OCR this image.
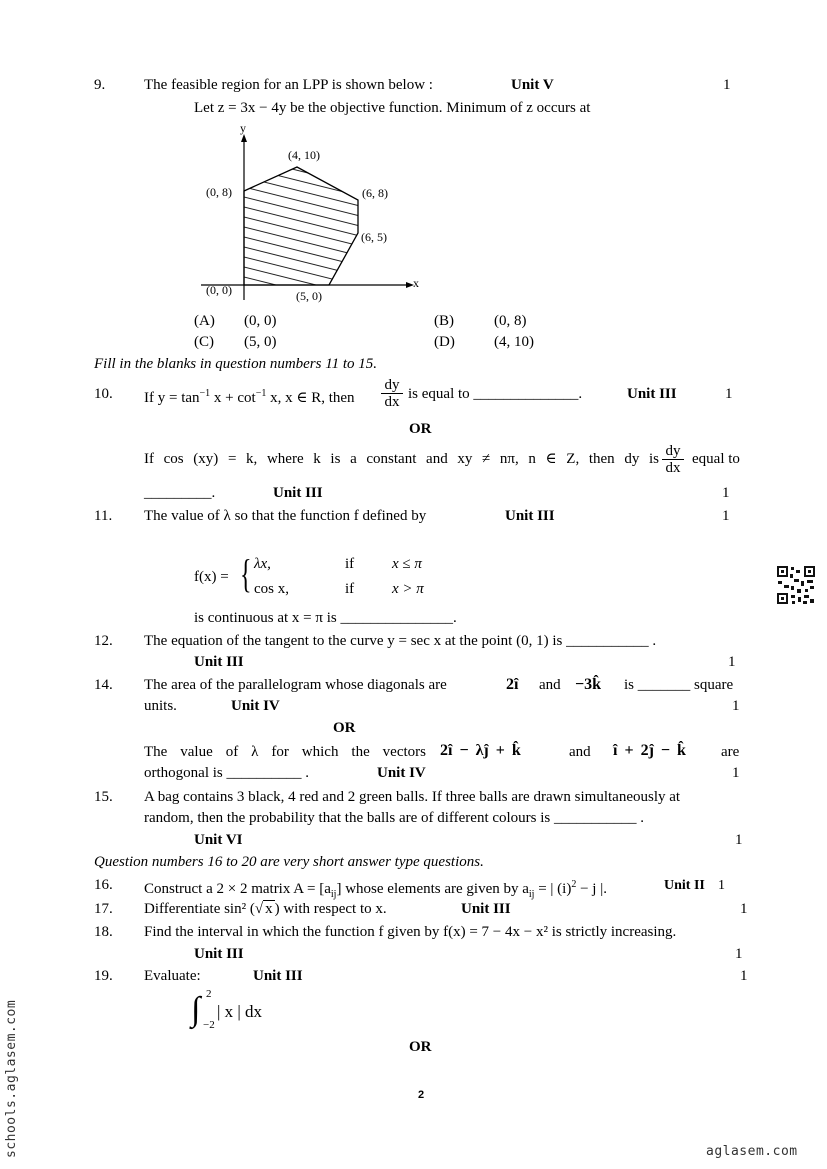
9.	The feasible region for an LPP is shown below :	Unit V	1
Let z = 3x − 4y be the objective function. Minimum of z occurs at
y
x
(4, 10)
(0, 8)	(6, 8)
(6, 5)
(0, 0)	(5, 0)
(A) (0, 0)	(B)	(0, 8)
(C) (5, 0)	(D)	(4, 10)
Fill in the blanks in question numbers 11 to 15.
10. If $y = \tan^{-1} x + \cot^{-1} x$, x ∈ R, then $\frac{dy}{dx}$ is equal to ______________.	Unit III	1
OR
If cos (xy) = k, where k is a constant and xy ≠ nπ, n ∈ Z, then dy is $\frac{dy}{dx}$ equal to
_________.	Unit III	1
11. The value of λ so that the function f defined by	Unit III	1
f(x) = { λx,	if	x ≤ π
cos x,	if	x > π
is continuous at x = π is _______________.
12. The equation of the tangent to the curve y = sec x at the point (0, 1) is ___________ .
Unit III	1
14. The area of the parallelogram whose diagonals are	2î and −3k̂ is _______ square
units.	Unit IV	1
OR
The value of λ for which the vectors 2î − λĵ + k̂	and î + 2ĵ − k̂ are
orthogonal is __________ .	Unit IV	1
15. A bag contains 3 black, 4 red and 2 green balls. If three balls are drawn simultaneously at
random, then the probability that the balls are of different colours is ___________ .
Unit VI	1
Question numbers 16 to 20 are very short answer type questions.
16. Construct a 2 × 2 matrix $A = [a_{ij}]$ whose elements are given by $a_{ij}$ = | $(i)^2 - j$ |.	Unit II 1
17. Differentiate sin² (√ x ) with respect to x.	Unit III	1
18. Find the interval in which the function f given by f(x) = 7 − 4x − x² is strictly increasing.
Unit III	1
19. Evaluate:	Unit III	1
∫ 2
−2
| x | dx
OR
2
schools.aglasem.com	aglasem.com
